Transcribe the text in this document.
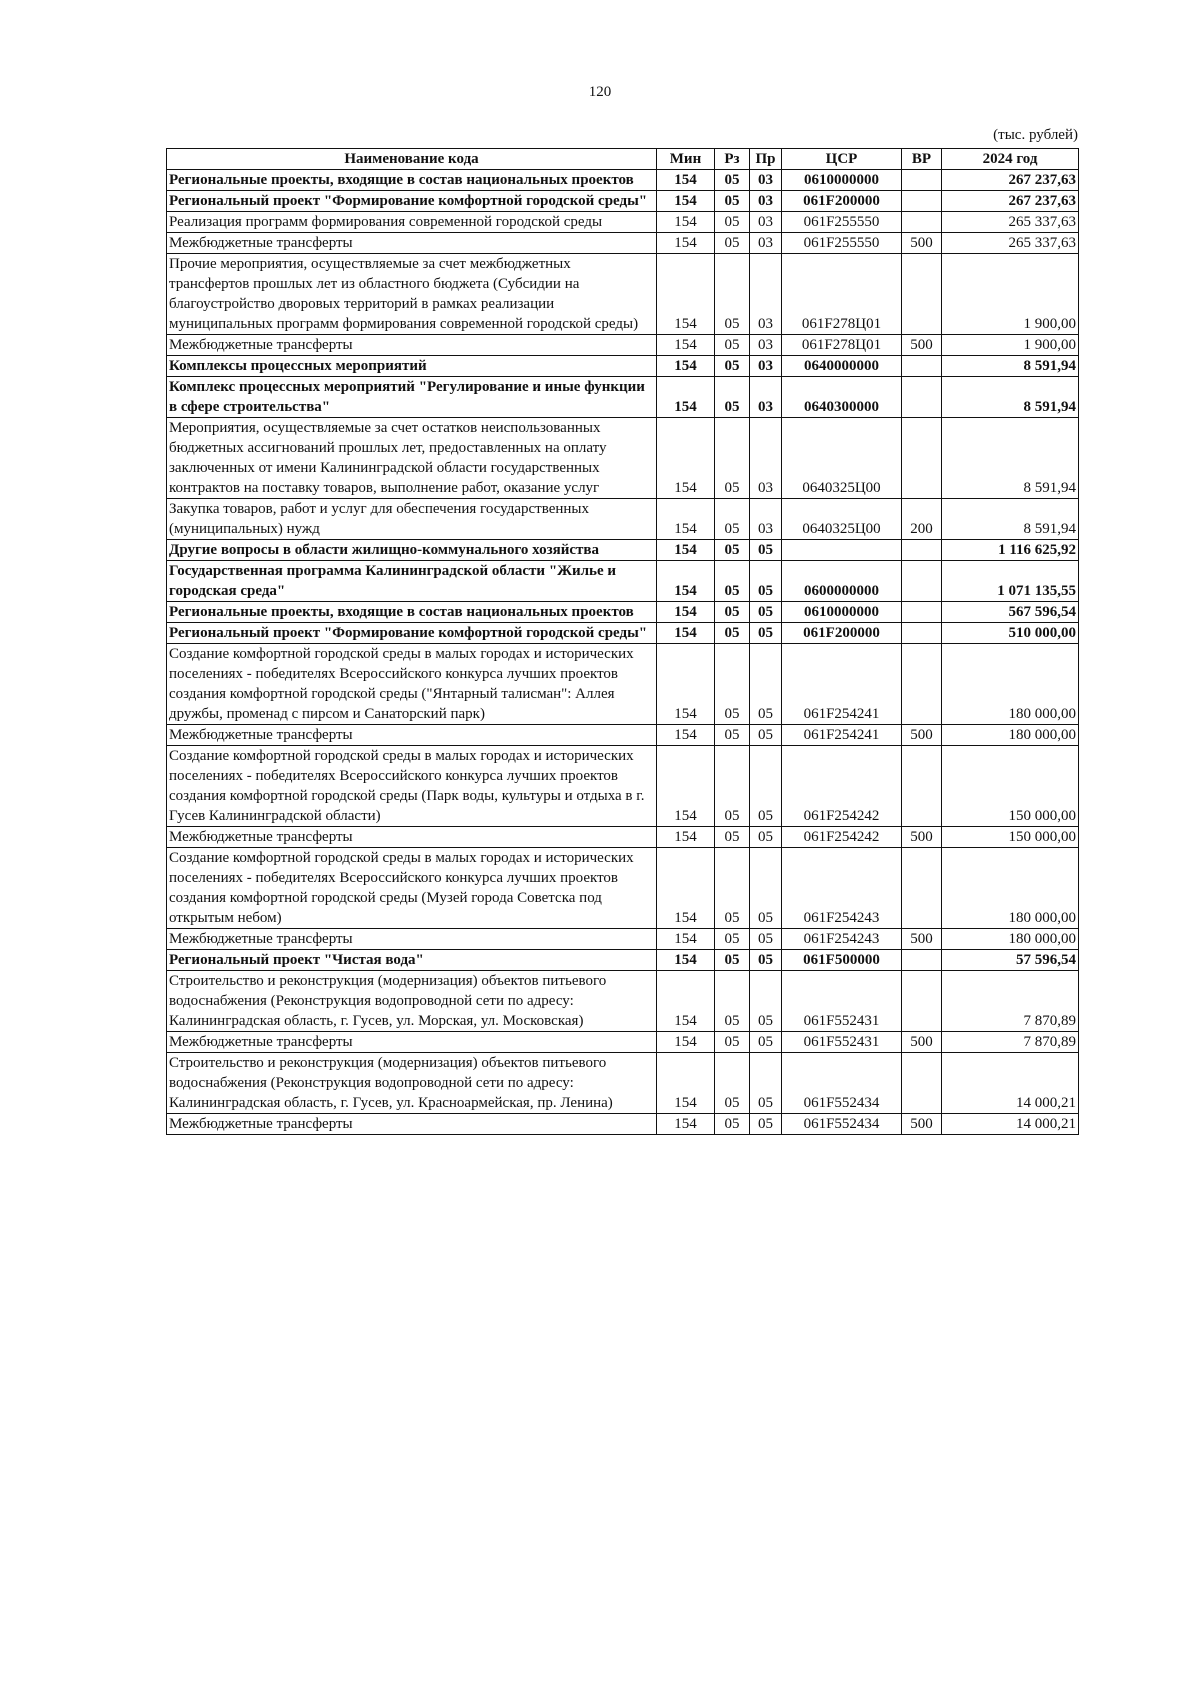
120
(тыс. рублей)
Наименование кода	Мин	Рз	Пр	ЦСР	ВР	2024 год
Региональные проекты, входящие в состав национальных проектов	154	05	03	0610000000		267 237,63
Региональный проект "Формирование комфортной городской среды"	154	05	03	061F200000		267 237,63
Реализация программ формирования современной городской среды	154	05	03	061F255550		265 337,63
Межбюджетные трансферты	154	05	03	061F255550	500	265 337,63
Прочие мероприятия, осуществляемые за счет межбюджетных трансфертов прошлых лет из областного бюджета (Субсидии на благоустройство дворовых территорий в рамках реализации муниципальных программ формирования современной городской среды)	154	05	03	061F278Ц01		1 900,00
Межбюджетные трансферты	154	05	03	061F278Ц01	500	1 900,00
Комплексы процессных мероприятий	154	05	03	0640000000		8 591,94
Комплекс процессных мероприятий "Регулирование и иные функции в сфере строительства"	154	05	03	0640300000		8 591,94
Мероприятия, осуществляемые за счет остатков неиспользованных бюджетных ассигнований прошлых лет, предоставленных на оплату заключенных от имени Калининградской области государственных контрактов на поставку товаров, выполнение работ, оказание услуг	154	05	03	0640325Ц00		8 591,94
Закупка товаров, работ и услуг для обеспечения государственных (муниципальных) нужд	154	05	03	0640325Ц00	200	8 591,94
Другие вопросы в области жилищно-коммунального хозяйства	154	05	05			1 116 625,92
Государственная программа Калининградской области "Жилье и городская среда"	154	05	05	0600000000		1 071 135,55
Региональные проекты, входящие в состав национальных проектов	154	05	05	0610000000		567 596,54
Региональный проект "Формирование комфортной городской среды"	154	05	05	061F200000		510 000,00
Создание комфортной городской среды в малых городах и исторических поселениях - победителях Всероссийского конкурса лучших проектов создания комфортной городской среды ("Янтарный талисман": Аллея дружбы, променад с пирсом и Санаторский парк)	154	05	05	061F254241		180 000,00
Межбюджетные трансферты	154	05	05	061F254241	500	180 000,00
Создание комфортной городской среды в малых городах и исторических поселениях - победителях Всероссийского конкурса лучших проектов создания комфортной городской среды (Парк воды, культуры и отдыха в г. Гусев Калининградской области)	154	05	05	061F254242		150 000,00
Межбюджетные трансферты	154	05	05	061F254242	500	150 000,00
Создание комфортной городской среды в малых городах и исторических поселениях - победителях Всероссийского конкурса лучших проектов создания комфортной городской среды (Музей города Советска под открытым небом)	154	05	05	061F254243		180 000,00
Межбюджетные трансферты	154	05	05	061F254243	500	180 000,00
Региональный проект "Чистая вода"	154	05	05	061F500000		57 596,54
Строительство и реконструкция (модернизация) объектов питьевого водоснабжения (Реконструкция водопроводной сети по адресу: Калининградская область, г. Гусев, ул. Морская, ул. Московская)	154	05	05	061F552431		7 870,89
Межбюджетные трансферты	154	05	05	061F552431	500	7 870,89
Строительство и реконструкция (модернизация) объектов питьевого водоснабжения (Реконструкция водопроводной сети по адресу: Калининградская область, г. Гусев, ул. Красноармейская, пр. Ленина)	154	05	05	061F552434		14 000,21
Межбюджетные трансферты	154	05	05	061F552434	500	14 000,21
